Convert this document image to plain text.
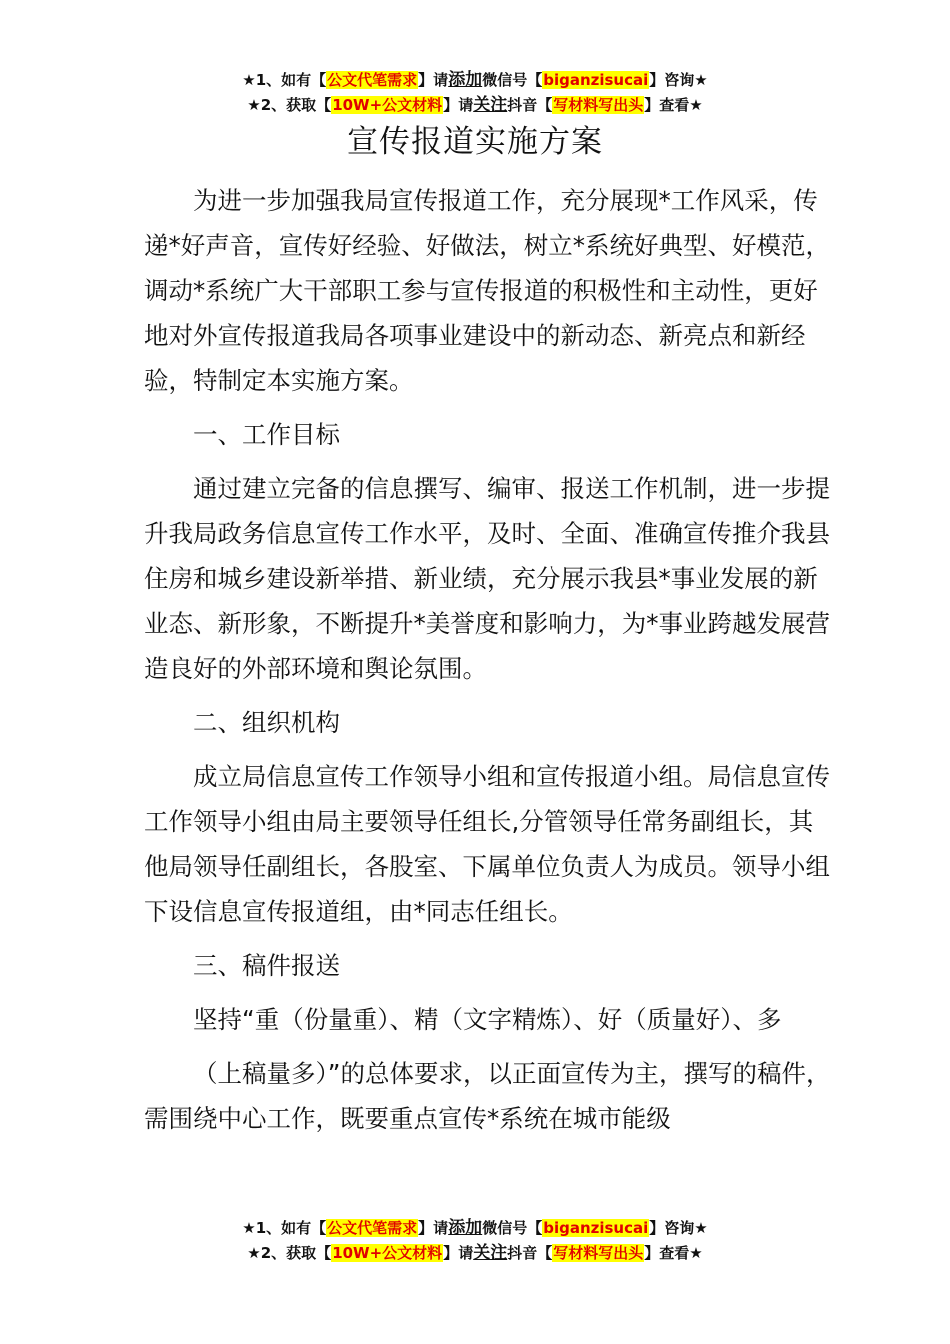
★1、如有【公文代笔需求】请添加微信号【biganzisucai】咨询★
★2、获取【10W+公文材料】请关注抖音【写材料写出头】查看★
宣传报道实施方案

为进一步加强我局宣传报道工作，充分展现*工作风采，传递*好声音，宣传好经验、好做法，树立*系统好典型、好模范，调动*系统广大干部职工参与宣传报道的积极性和主动性，更好地对外宣传报道我局各项事业建设中的新动态、新亮点和新经验，特制定本实施方案。

一、工作目标

通过建立完备的信息撰写、编审、报送工作机制，进一步提升我局政务信息宣传工作水平，及时、全面、准确宣传推介我县住房和城乡建设新举措、新业绩，充分展示我县*事业发展的新业态、新形象，不断提升*美誉度和影响力，为*事业跨越发展营造良好的外部环境和舆论氛围。

二、组织机构

成立局信息宣传工作领导小组和宣传报道小组。局信息宣传工作领导小组由局主要领导任组长,分管领导任常务副组长，其他局领导任副组长，各股室、下属单位负责人为成员。领导小组下设信息宣传报道组，由*同志任组长。

三、稿件报送

坚持“重（份量重）、精（文字精炼）、好（质量好）、多

（上稿量多）”的总体要求，以正面宣传为主，撰写的稿件，需围绕中心工作，既要重点宣传*系统在城市能级

★1、如有【公文代笔需求】请添加微信号【biganzisucai】咨询★
★2、获取【10W+公文材料】请关注抖音【写材料写出头】查看★
